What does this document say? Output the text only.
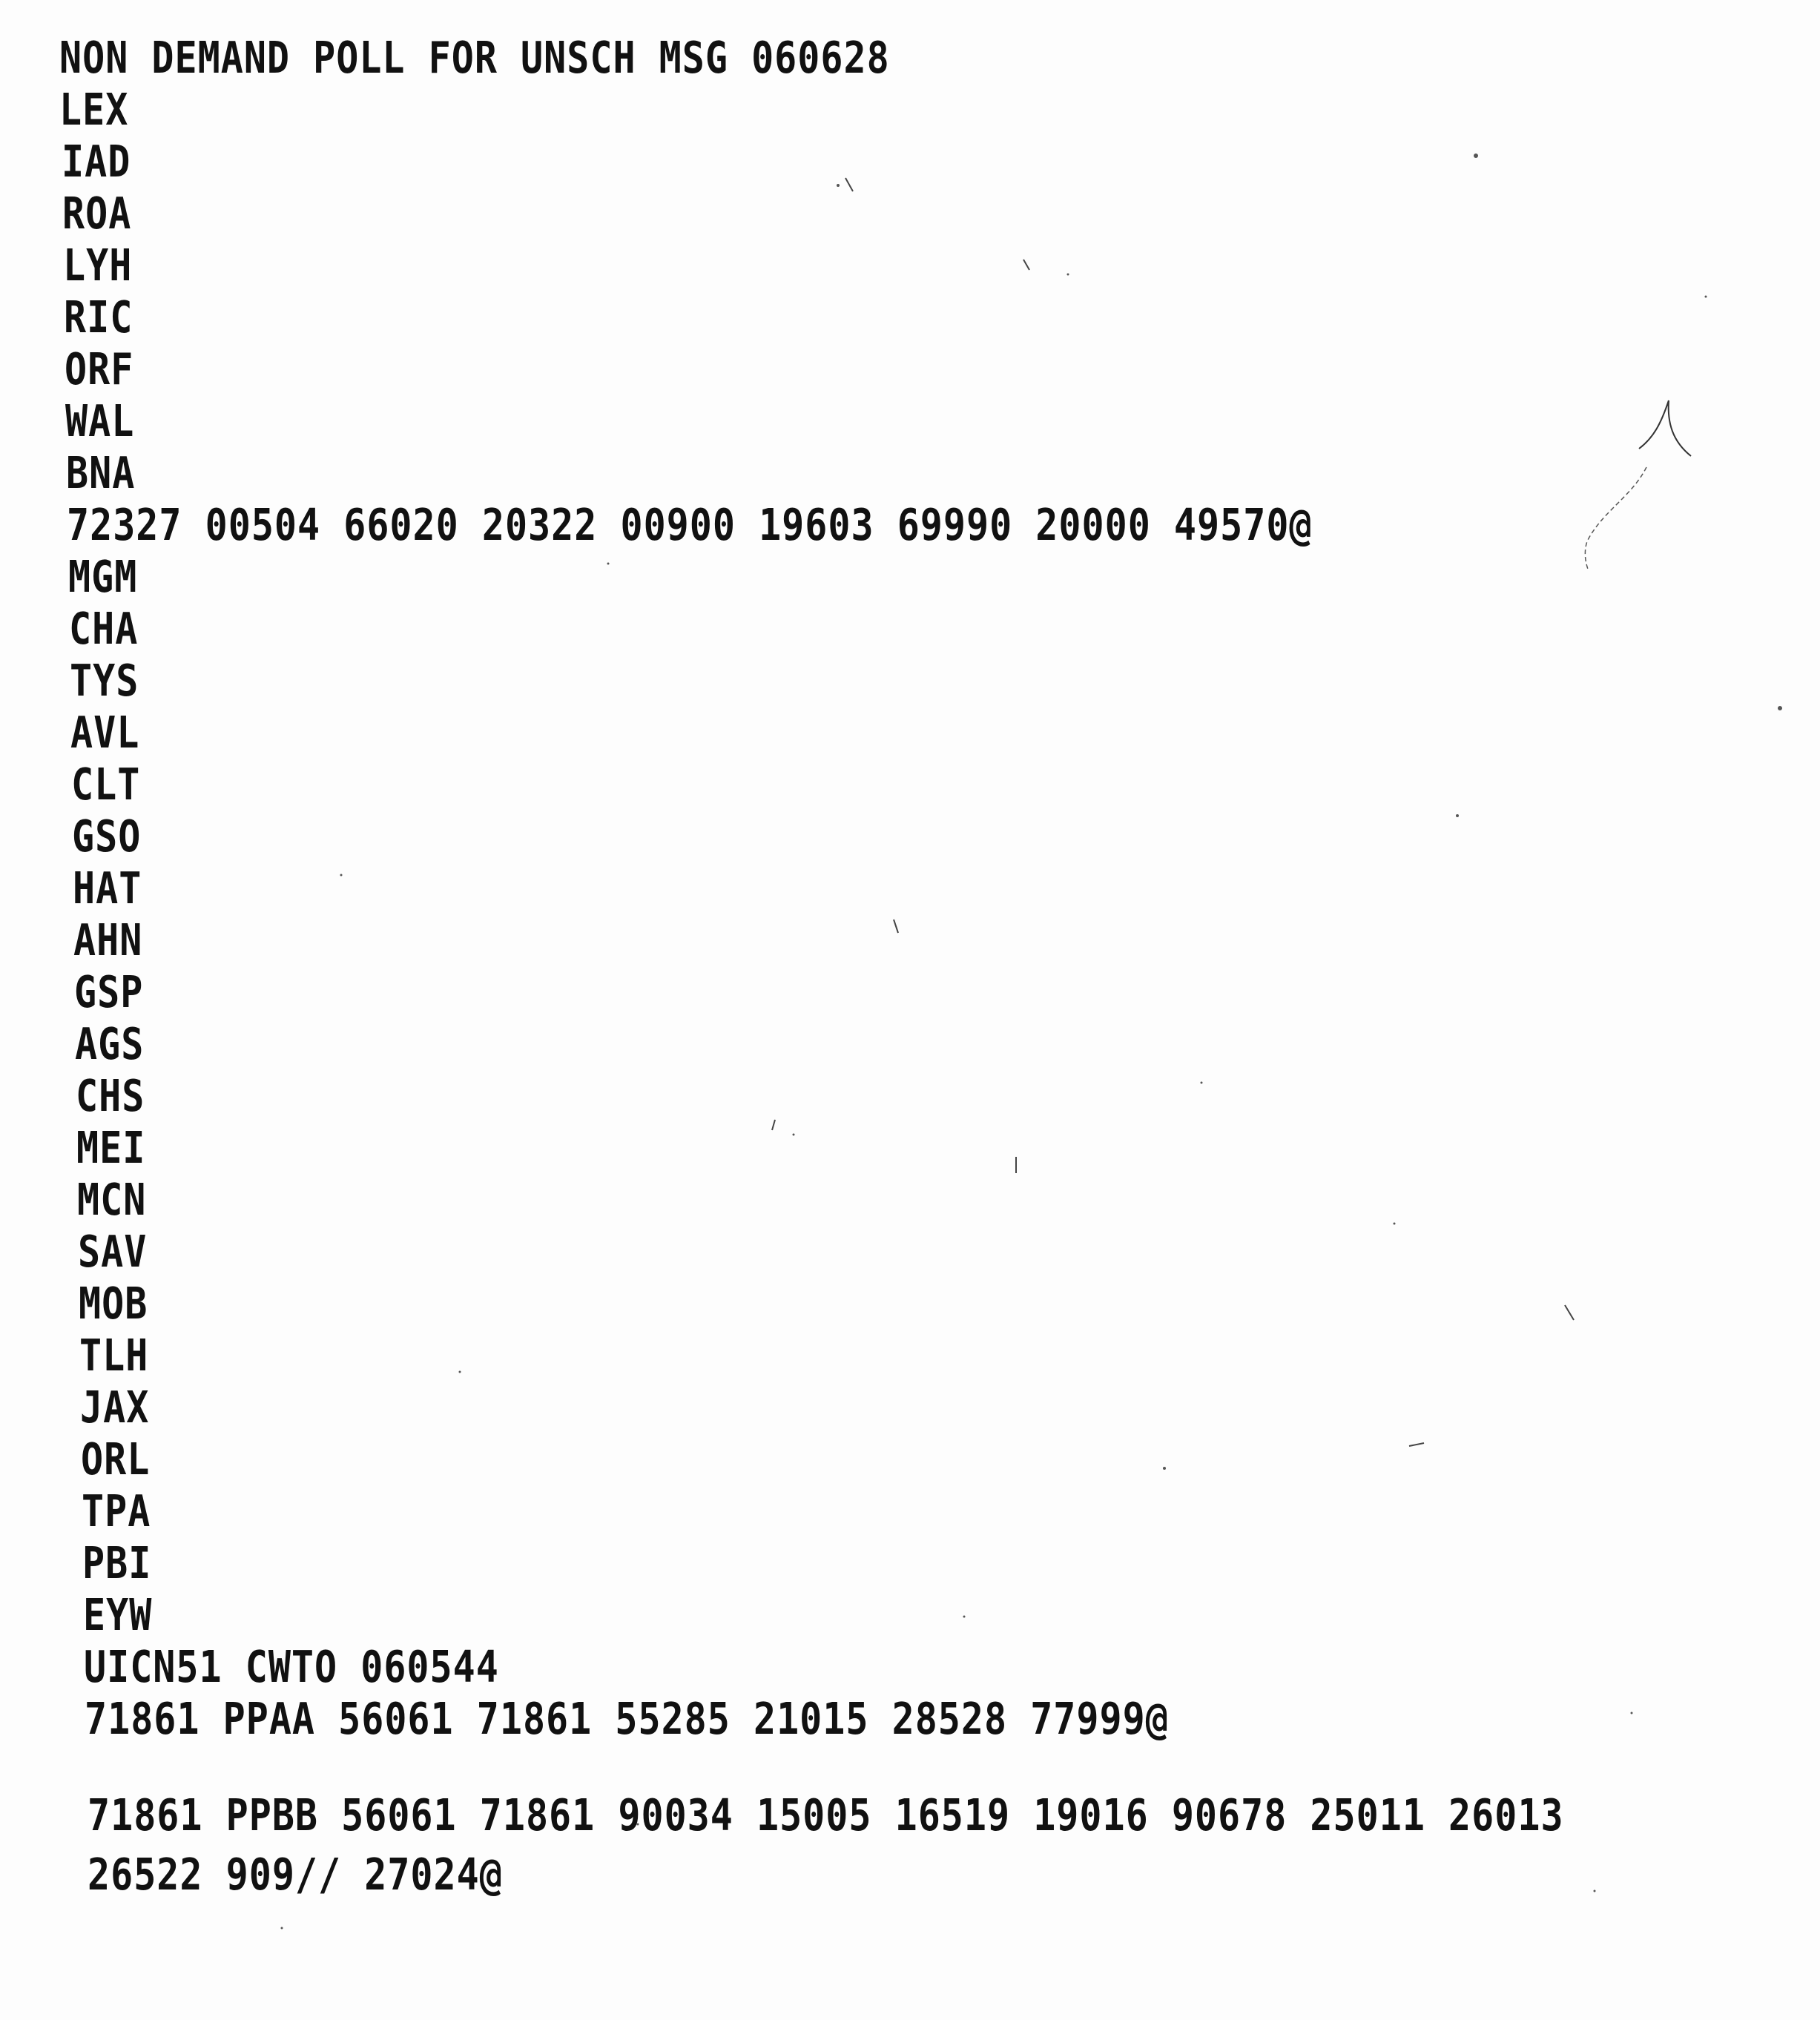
NON DEMAND POLL FOR UNSCH MSG 060628
LEX
IAD
ROA
LYH
RIC
ORF
WAL
BNA
72327 00504 66020 20322 00900 19603 69990 20000 49570@
MGM
CHA
TYS
AVL
CLT
GSO
HAT
AHN
GSP
AGS
CHS
MEI
MCN
SAV
MOB
TLH
JAX
ORL
TPA
PBI
EYW
UICN51 CWTO 060544
71861 PPAA 56061 71861 55285 21015 28528 77999@
71861 PPBB 56061 71861 90034 15005 16519 19016 90678 25011 26013
26522 909// 27024@
